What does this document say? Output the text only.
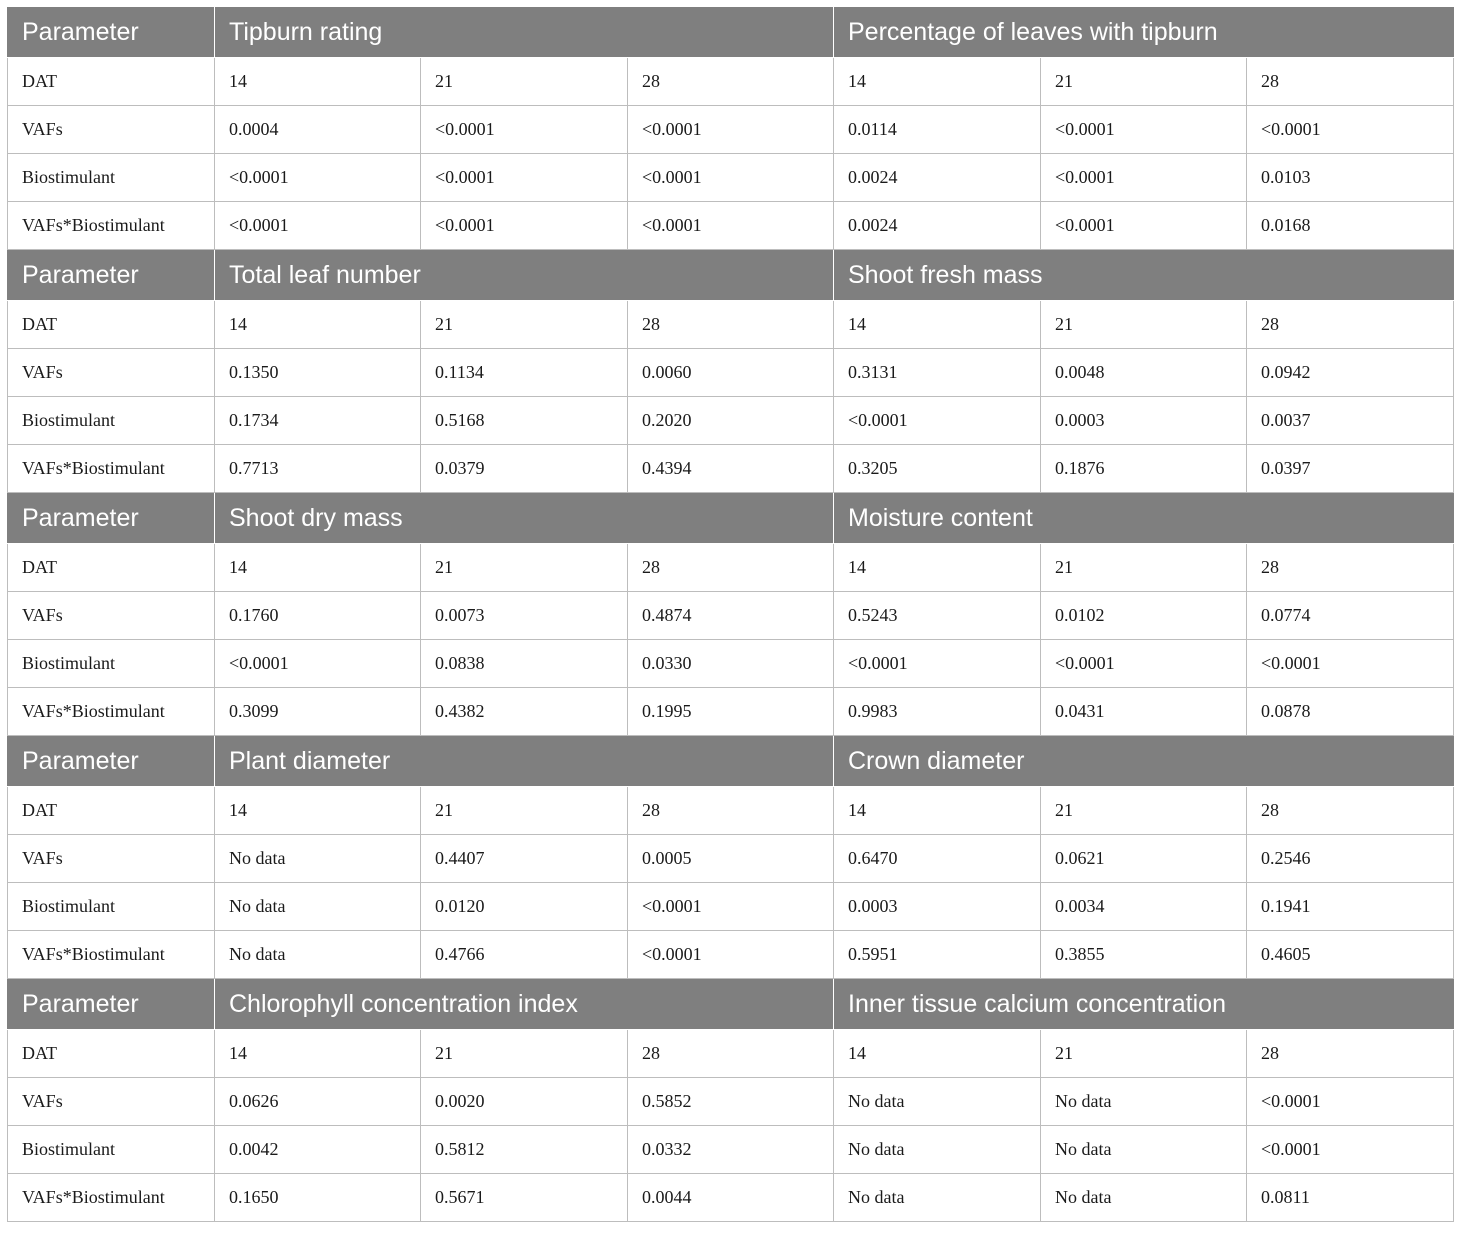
Parameter	Tipburn rating			Percentage of leaves with tipburn		
DAT	14	21	28	14	21	28
VAFs	0.0004	<0.0001	<0.0001	0.0114	<0.0001	<0.0001
Biostimulant	<0.0001	<0.0001	<0.0001	0.0024	<0.0001	0.0103
VAFs*Biostimulant	<0.0001	<0.0001	<0.0001	0.0024	<0.0001	0.0168
Parameter	Total leaf number			Shoot fresh mass		
DAT	14	21	28	14	21	28
VAFs	0.1350	0.1134	0.0060	0.3131	0.0048	0.0942
Biostimulant	0.1734	0.5168	0.2020	<0.0001	0.0003	0.0037
VAFs*Biostimulant	0.7713	0.0379	0.4394	0.3205	0.1876	0.0397
Parameter	Shoot dry mass			Moisture content		
DAT	14	21	28	14	21	28
VAFs	0.1760	0.0073	0.4874	0.5243	0.0102	0.0774
Biostimulant	<0.0001	0.0838	0.0330	<0.0001	<0.0001	<0.0001
VAFs*Biostimulant	0.3099	0.4382	0.1995	0.9983	0.0431	0.0878
Parameter	Plant diameter			Crown diameter		
DAT	14	21	28	14	21	28
VAFs	No data	0.4407	0.0005	0.6470	0.0621	0.2546
Biostimulant	No data	0.0120	<0.0001	0.0003	0.0034	0.1941
VAFs*Biostimulant	No data	0.4766	<0.0001	0.5951	0.3855	0.4605
Parameter	Chlorophyll concentration index			Inner tissue calcium concentration		
DAT	14	21	28	14	21	28
VAFs	0.0626	0.0020	0.5852	No data	No data	<0.0001
Biostimulant	0.0042	0.5812	0.0332	No data	No data	<0.0001
VAFs*Biostimulant	0.1650	0.5671	0.0044	No data	No data	0.0811
